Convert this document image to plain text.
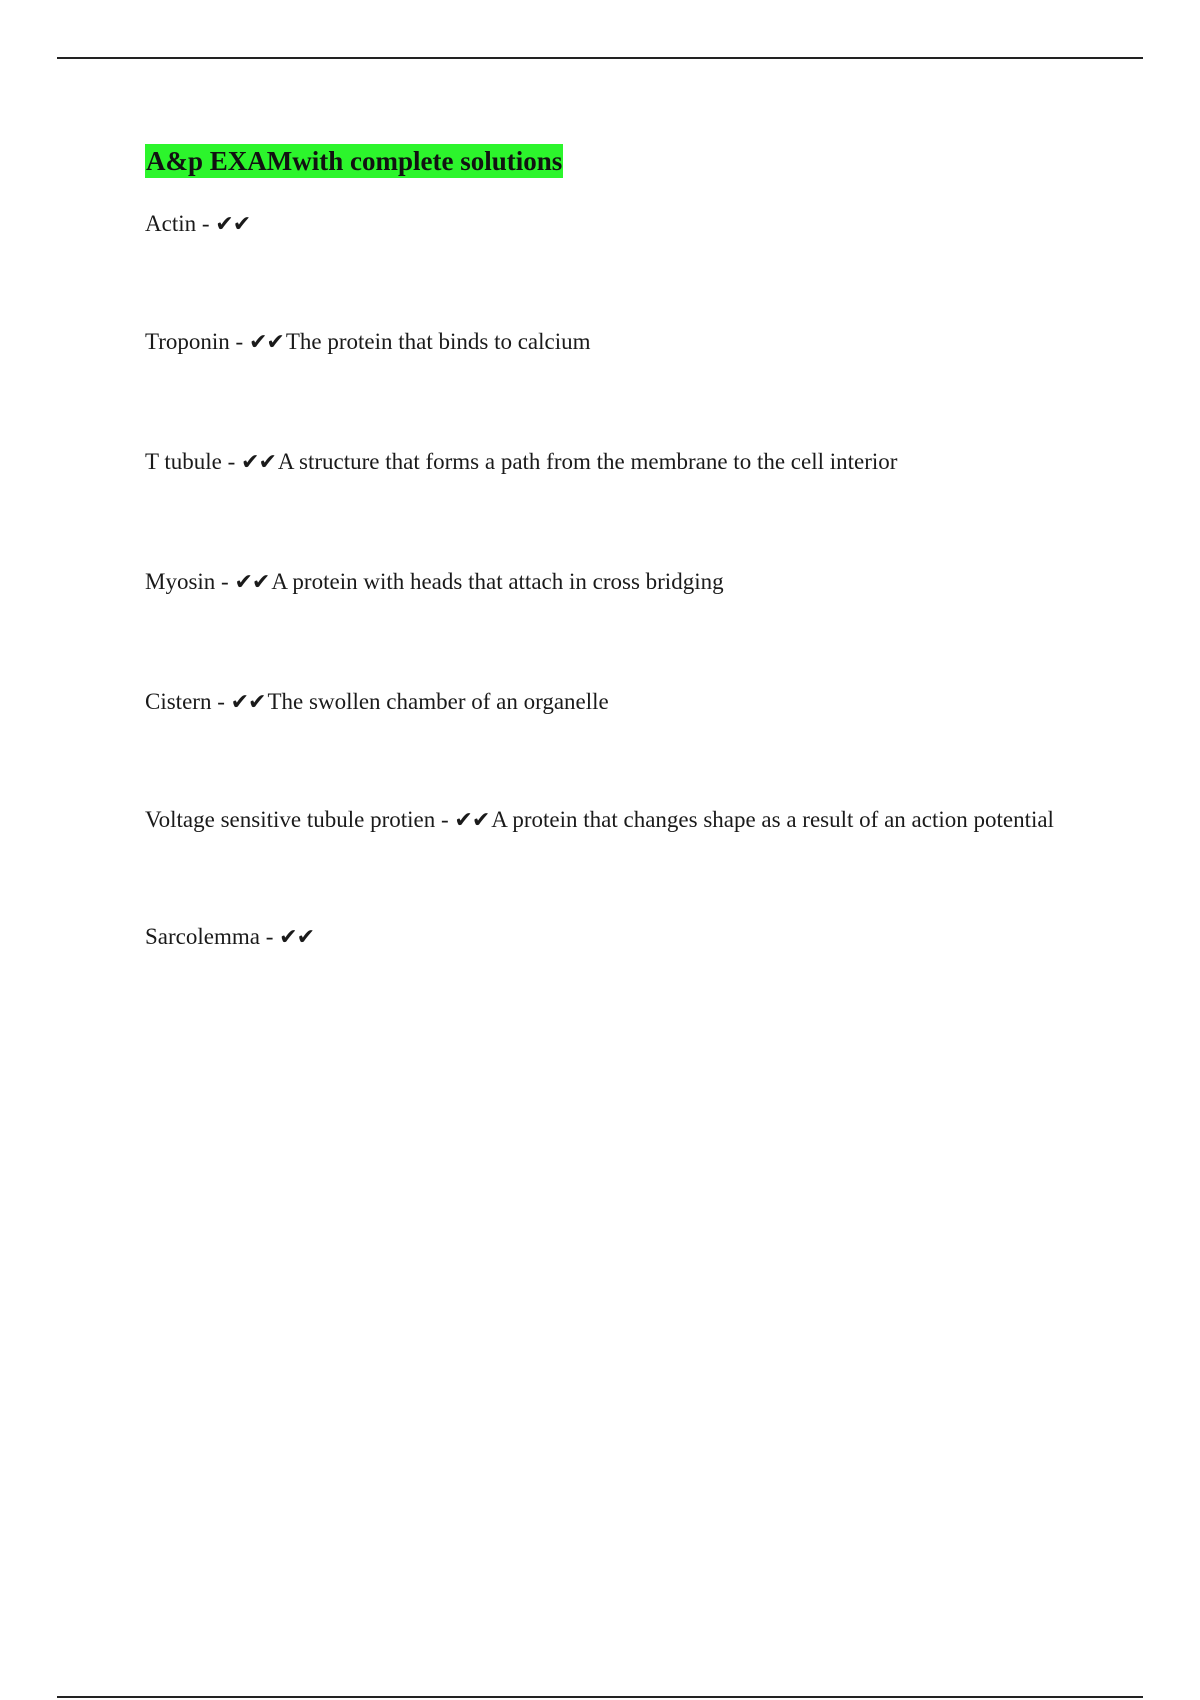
A&p EXAMwith complete solutions
Actin - ✔✔
Troponin - ✔✔The protein that binds to calcium
T tubule - ✔✔A structure that forms a path from the membrane to the cell interior
Myosin - ✔✔A protein with heads that attach in cross bridging
Cistern - ✔✔The swollen chamber of an organelle
Voltage sensitive tubule protien - ✔✔A protein that changes shape as a result of an action potential
Sarcolemma - ✔✔
